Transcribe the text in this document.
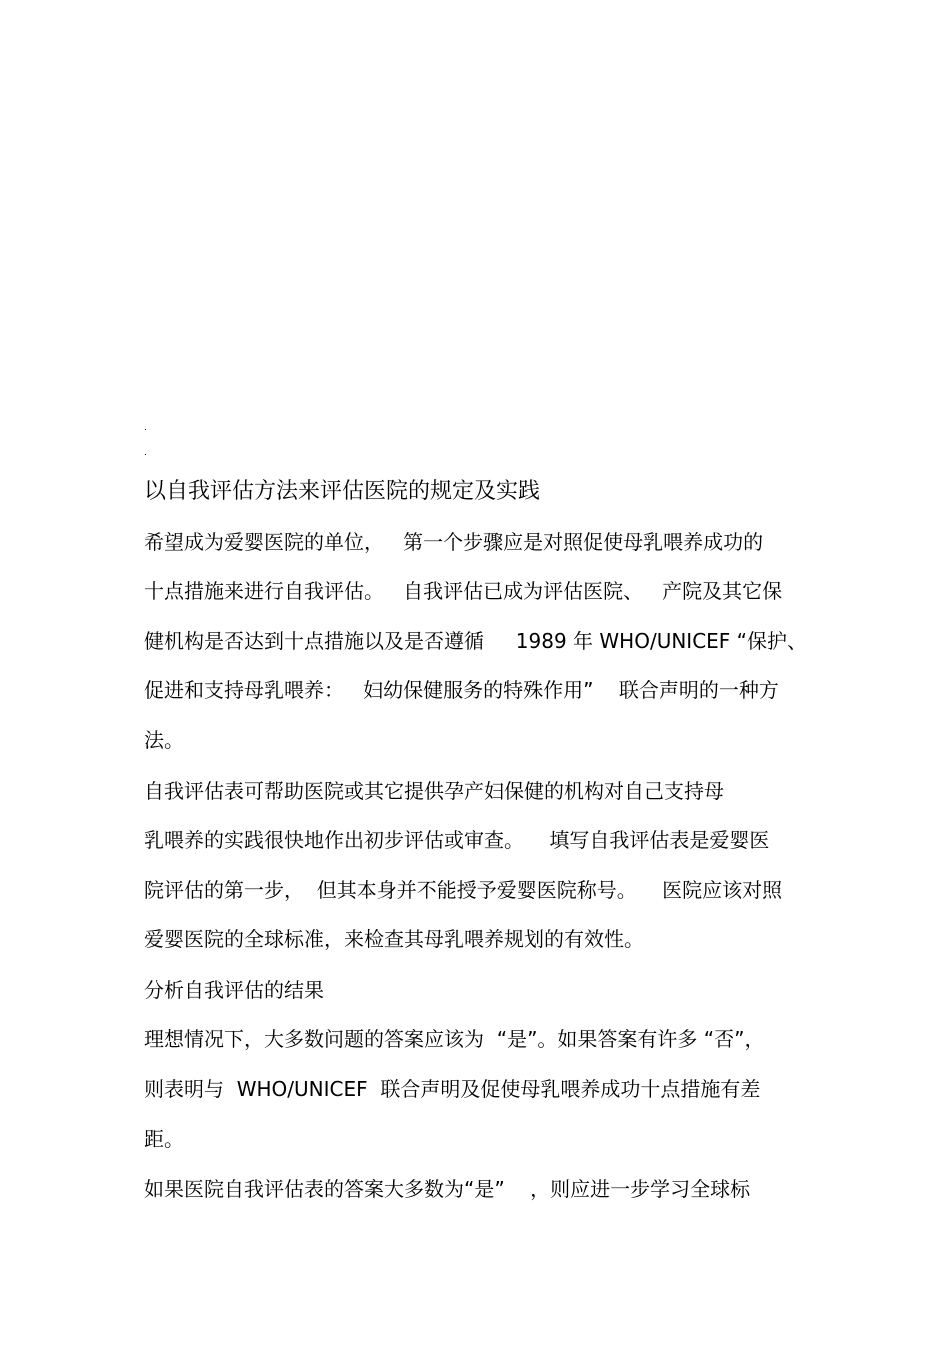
.
.
以自我评估方法来评估医院的规定及实践
希望成为爱婴医院的单位，   第一个步骤应是对照促使母乳喂养成功的
十点措施来进行自我评估。   自我评估已成为评估医院、   产院及其它保
健机构是否达到十点措施以及是否遵循     1989 年 WHO/UNICEF “保护、
促进和支持母乳喂养：   妇幼保健服务的特殊作用”    联合声明的一种方
法。
自我评估表可帮助医院或其它提供孕产妇保健的机构对自己支持母
乳喂养的实践很快地作出初步评估或审查。    填写自我评估表是爱婴医
院评估的第一步，  但其本身并不能授予爱婴医院称号。    医院应该对照
爱婴医院的全球标准，来检查其母乳喂养规划的有效性。
分析自我评估的结果
理想情况下，大多数问题的答案应该为  “是”。如果答案有许多 “否”，
则表明与  WHO/UNICEF  联合声明及促使母乳喂养成功十点措施有差
距。
如果医院自我评估表的答案大多数为“是”    ，则应进一步学习全球标
